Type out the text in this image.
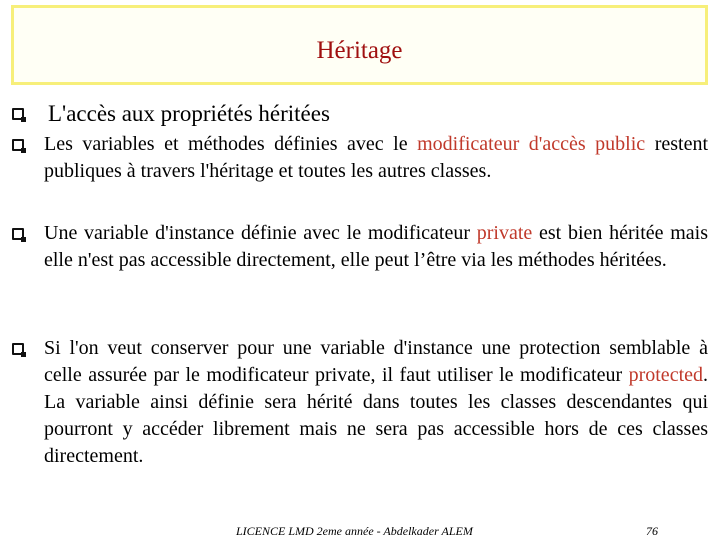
Héritage
L'accès aux propriétés héritées
Les variables et méthodes définies avec le modificateur d'accès public restent publiques à travers l'héritage et toutes les autres classes.
Une variable d'instance définie avec le modificateur private est bien héritée mais elle n'est pas accessible directement, elle peut l’être via les méthodes héritées.
Si l'on veut conserver pour une variable d'instance une protection semblable à celle assurée par le modificateur private, il faut utiliser le modificateur protected. La variable ainsi définie sera hérité dans toutes les classes descendantes qui pourront y accéder librement mais ne sera pas accessible hors de ces classes directement.
LICENCE LMD 2eme année - Abdelkader ALEM	76
